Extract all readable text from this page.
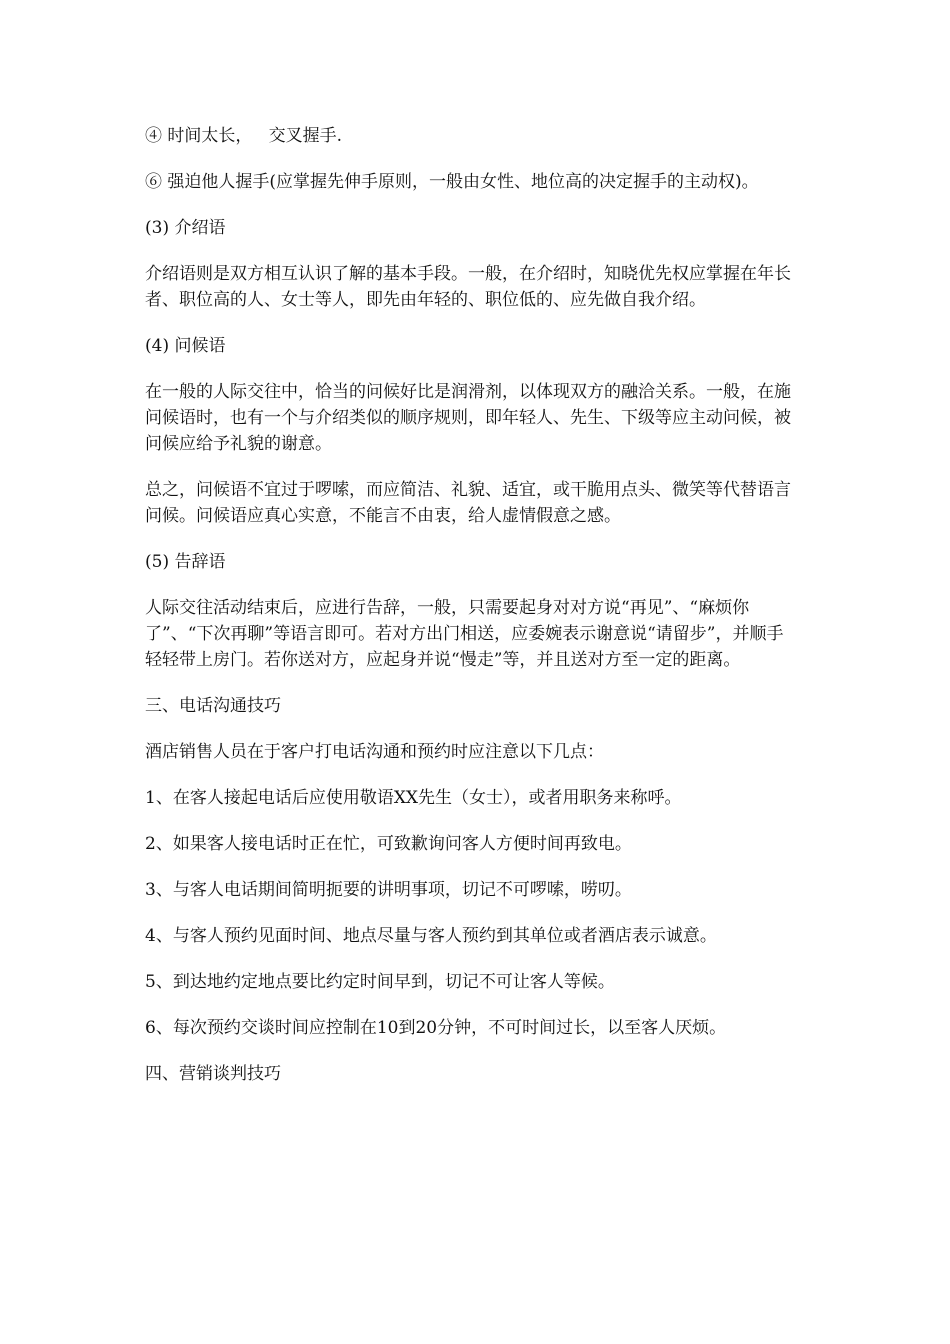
④ 时间太长，   交叉握手.

⑥ 强迫他人握手(应掌握先伸手原则，一般由女性、地位高的决定握手的主动权)。

(3) 介绍语

介绍语则是双方相互认识了解的基本手段。一般，在介绍时，知晓优先权应掌握在年长者、职位高的人、女士等人，即先由年轻的、职位低的、应先做自我介绍。

(4) 问候语

在一般的人际交往中，恰当的问候好比是润滑剂，以体现双方的融洽关系。一般，在施问候语时，也有一个与介绍类似的顺序规则，即年轻人、先生、下级等应主动问候，被问候应给予礼貌的谢意。

总之，问候语不宜过于啰嗦，而应简洁、礼貌、适宜，或干脆用点头、微笑等代替语言问候。问候语应真心实意，不能言不由衷，给人虚情假意之感。

(5) 告辞语

人际交往活动结束后，应进行告辞，一般，只需要起身对对方说“再见”、“麻烦你了”、“下次再聊”等语言即可。若对方出门相送，应委婉表示谢意说“请留步”，并顺手轻轻带上房门。若你送对方，应起身并说“慢走”等，并且送对方至一定的距离。

三、电话沟通技巧

酒店销售人员在于客户打电话沟通和预约时应注意以下几点：

1、在客人接起电话后应使用敬语XX先生（女士），或者用职务来称呼。

2、如果客人接电话时正在忙，可致歉询问客人方便时间再致电。

3、与客人电话期间简明扼要的讲明事项，切记不可啰嗦，唠叨。

4、与客人预约见面时间、地点尽量与客人预约到其单位或者酒店表示诚意。

5、到达地约定地点要比约定时间早到，切记不可让客人等候。

6、每次预约交谈时间应控制在10到20分钟，不可时间过长，以至客人厌烦。

四、营销谈判技巧
